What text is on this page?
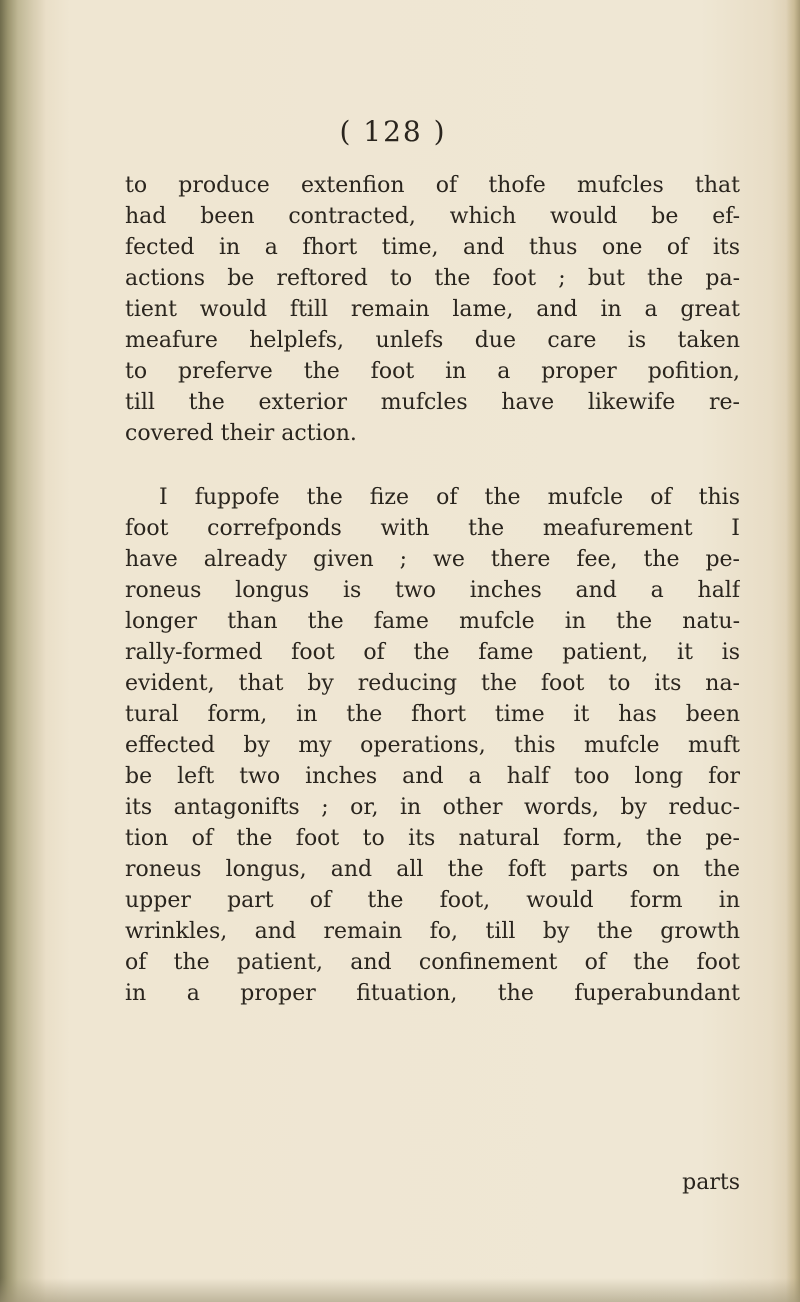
( 128 )
to produce extenfion of thofe mufcles that
had been contracted, which would be ef-
fected in a fhort time, and thus one of its
actions be reftored to the foot ; but the pa-
tient would ftill remain lame, and in a great
meafure helplefs, unlefs due care is taken
to preferve the foot in a proper pofition,
till the exterior mufcles have likewife re-
covered their action.
I fuppofe the fize of the mufcle of this
foot correfponds with the meafurement I
have already given ; we there fee, the pe-
roneus longus is two inches and a half
longer than the fame mufcle in the natu-
rally-formed foot of the fame patient, it is
evident, that by reducing the foot to its na-
tural form, in the fhort time it has been
effected by my operations, this mufcle muft
be left two inches and a half too long for
its antagonifts ; or, in other words, by reduc-
tion of the foot to its natural form, the pe-
roneus longus, and all the foft parts on the
upper part of the foot, would form in
wrinkles, and remain fo, till by the growth
of the patient, and confinement of the foot
in a proper fituation, the fuperabundant
parts
